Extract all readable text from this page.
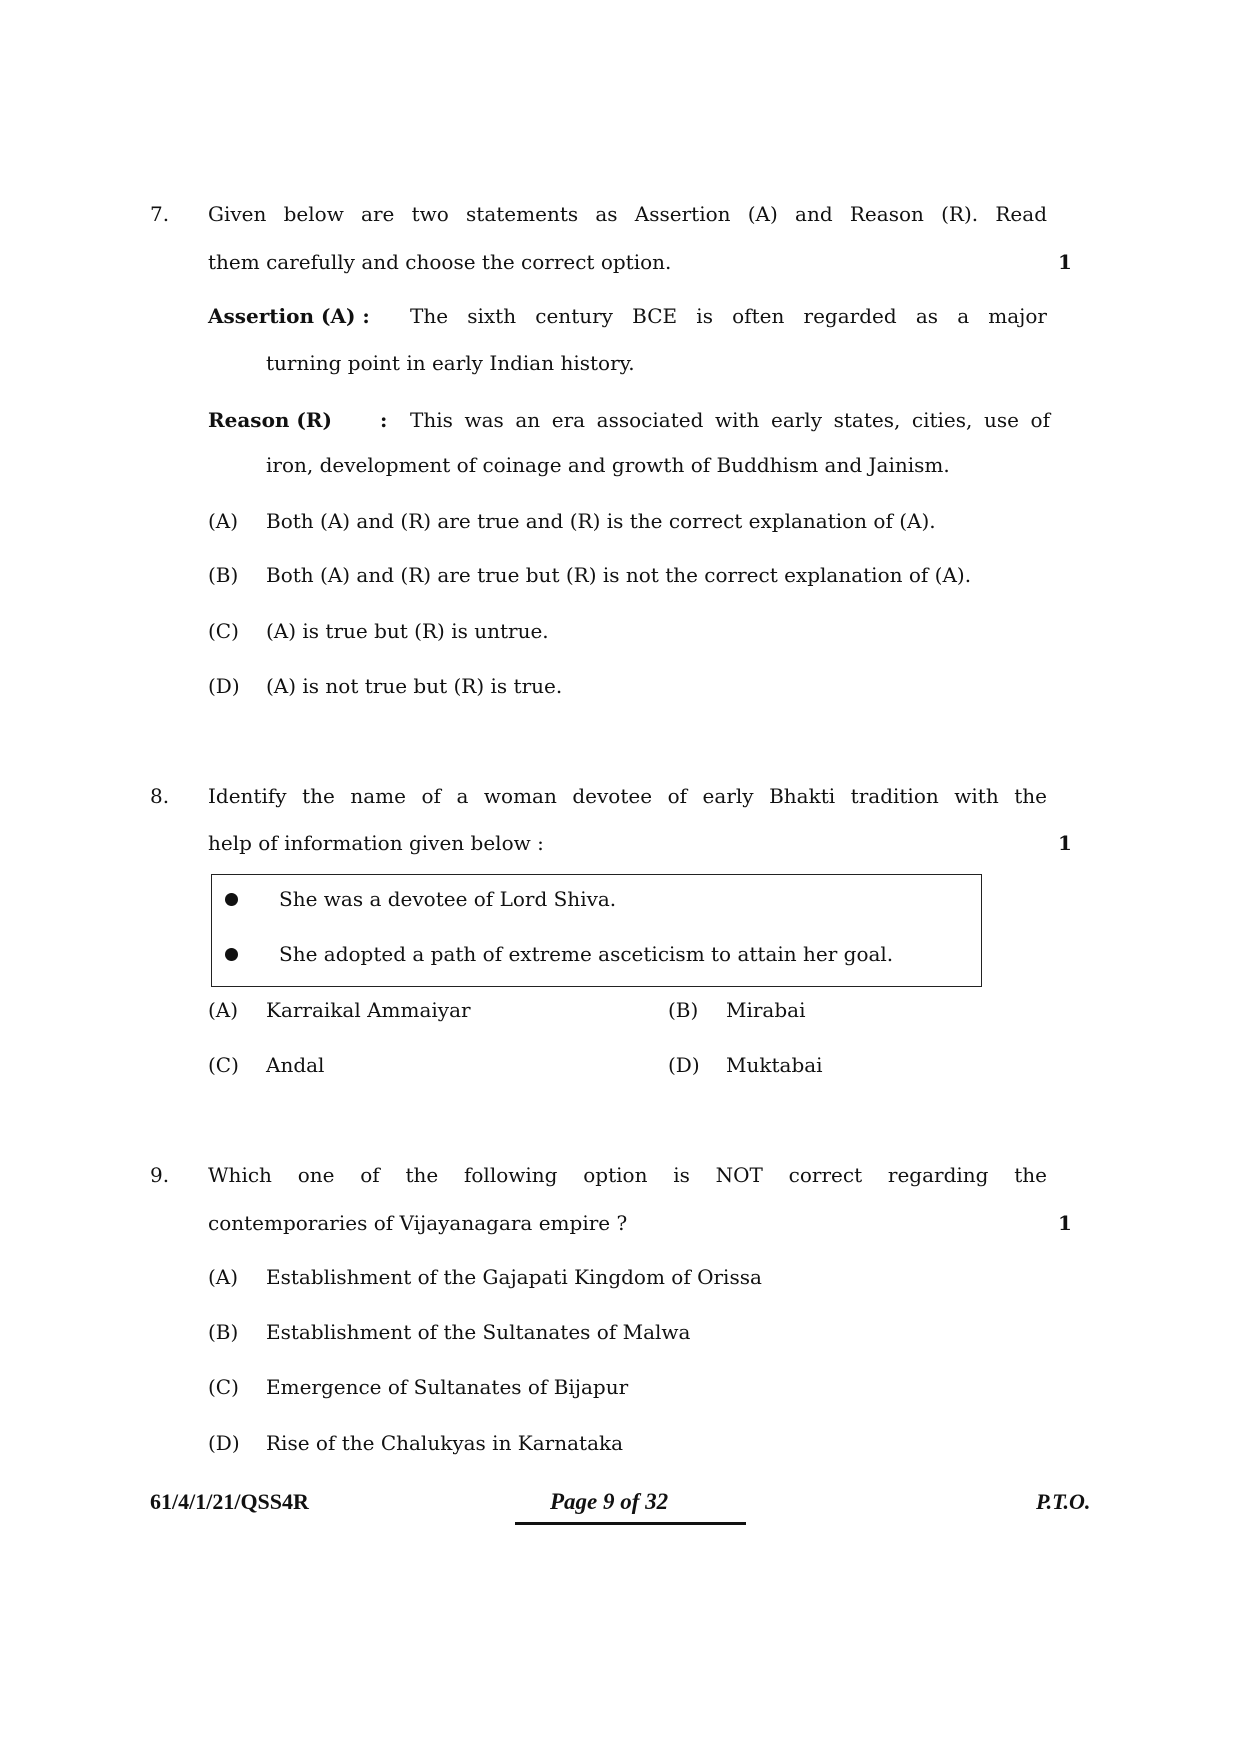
7. Given below are two statements as Assertion (A) and Reason (R). Read
them carefully and choose the correct option.	1
Assertion (A) : The sixth century BCE is often regarded as a major
turning point in early Indian history.
Reason (R) : This was an era associated with early states, cities, use of
iron, development of coinage and growth of Buddhism and Jainism.
(A) Both (A) and (R) are true and (R) is the correct explanation of (A).
(B) Both (A) and (R) are true but (R) is not the correct explanation of (A).
(C) (A) is true but (R) is untrue.
(D) (A) is not true but (R) is true.
8. Identify the name of a woman devotee of early Bhakti tradition with the
help of information given below :	1
She was a devotee of Lord Shiva.
She adopted a path of extreme asceticism to attain her goal.
(A) Karraikal Ammaiyar	(B) Mirabai
(C) Andal	(D) Muktabai
9. Which one of the following option is NOT correct regarding the
contemporaries of Vijayanagara empire ?	1
(A) Establishment of the Gajapati Kingdom of Orissa
(B) Establishment of the Sultanates of Malwa
(C) Emergence of Sultanates of Bijapur
(D) Rise of the Chalukyas in Karnataka
61/4/1/21/QSS4R	Page 9 of 32	P.T.O.
